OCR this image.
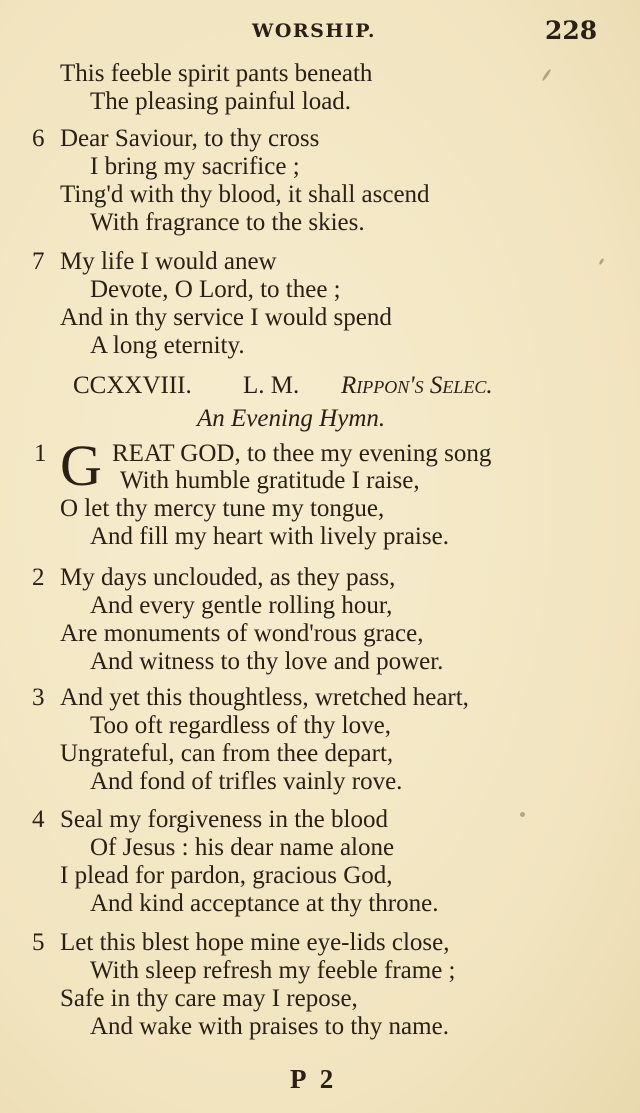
WORSHIP.	228
This feeble spirit pants beneath
The pleasing painful load.
6 Dear Saviour, to thy cross
I bring my sacrifice ;
Ting'd with thy blood, it shall ascend
With fragrance to the skies.
7 My life I would anew
Devote, O Lord, to thee ;
And in thy service I would spend
A long eternity.
CCXXVIII. L. M. Rippon's Selec.
An Evening Hymn.
1 G REAT GOD, to thee my evening song
With humble gratitude I raise,
O let thy mercy tune my tongue,
And fill my heart with lively praise.
2 My days unclouded, as they pass,
And every gentle rolling hour,
Are monuments of wond'rous grace,
And witness to thy love and power.
3 And yet this thoughtless, wretched heart,
Too oft regardless of thy love,
Ungrateful, can from thee depart,
And fond of trifles vainly rove.
4 Seal my forgiveness in the blood
Of Jesus : his dear name alone
I plead for pardon, gracious God,
And kind acceptance at thy throne.
5 Let this blest hope mine eye-lids close,
With sleep refresh my feeble frame ;
Safe in thy care may I repose,
And wake with praises to thy name.
P 2
